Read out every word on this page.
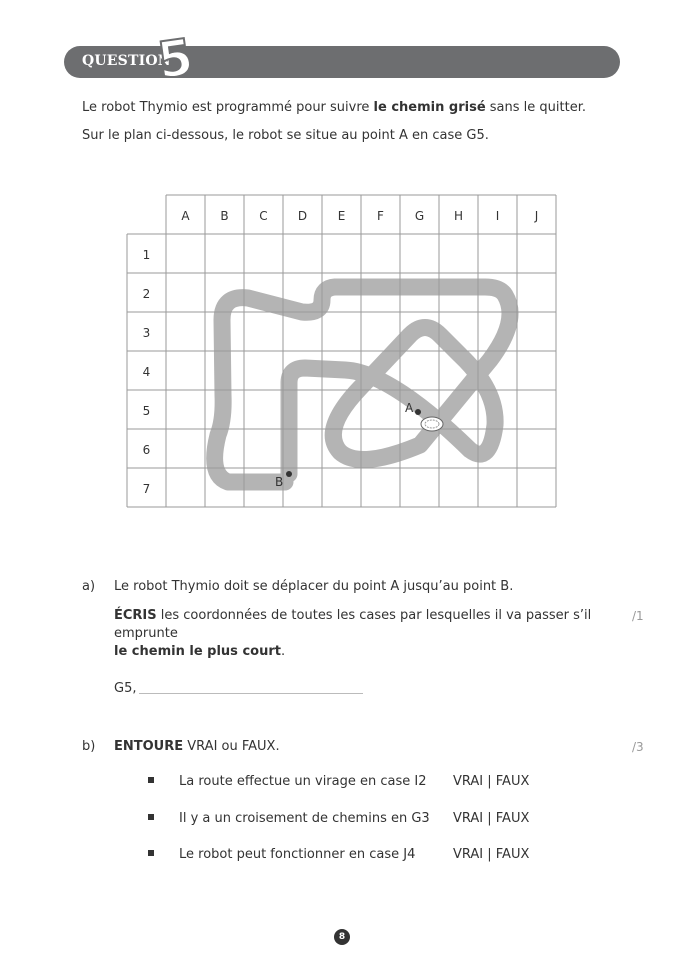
QUESTION
5
Le robot Thymio est programmé pour suivre le chemin grisé sans le quitter.
Sur le plan ci-dessous, le robot se situe au point A en case G5.
A	B	C	D	E	F	G H	I	J
1
2
3
4
5
6
7
A
B
a) Le robot Thymio doit se déplacer du point A jusqu’au point B.
ÉCRIS les coordonnées de toutes les cases par lesquelles il va passer s’il emprunte
le chemin le plus court.
/1
G5,
b) ENTOURE VRAI ou FAUX.	/3
La route effectue un virage en case I2 VRAI | FAUX
Il y a un croisement de chemins en G3 VRAI | FAUX
Le robot peut fonctionner en case J4	VRAI | FAUX
8
